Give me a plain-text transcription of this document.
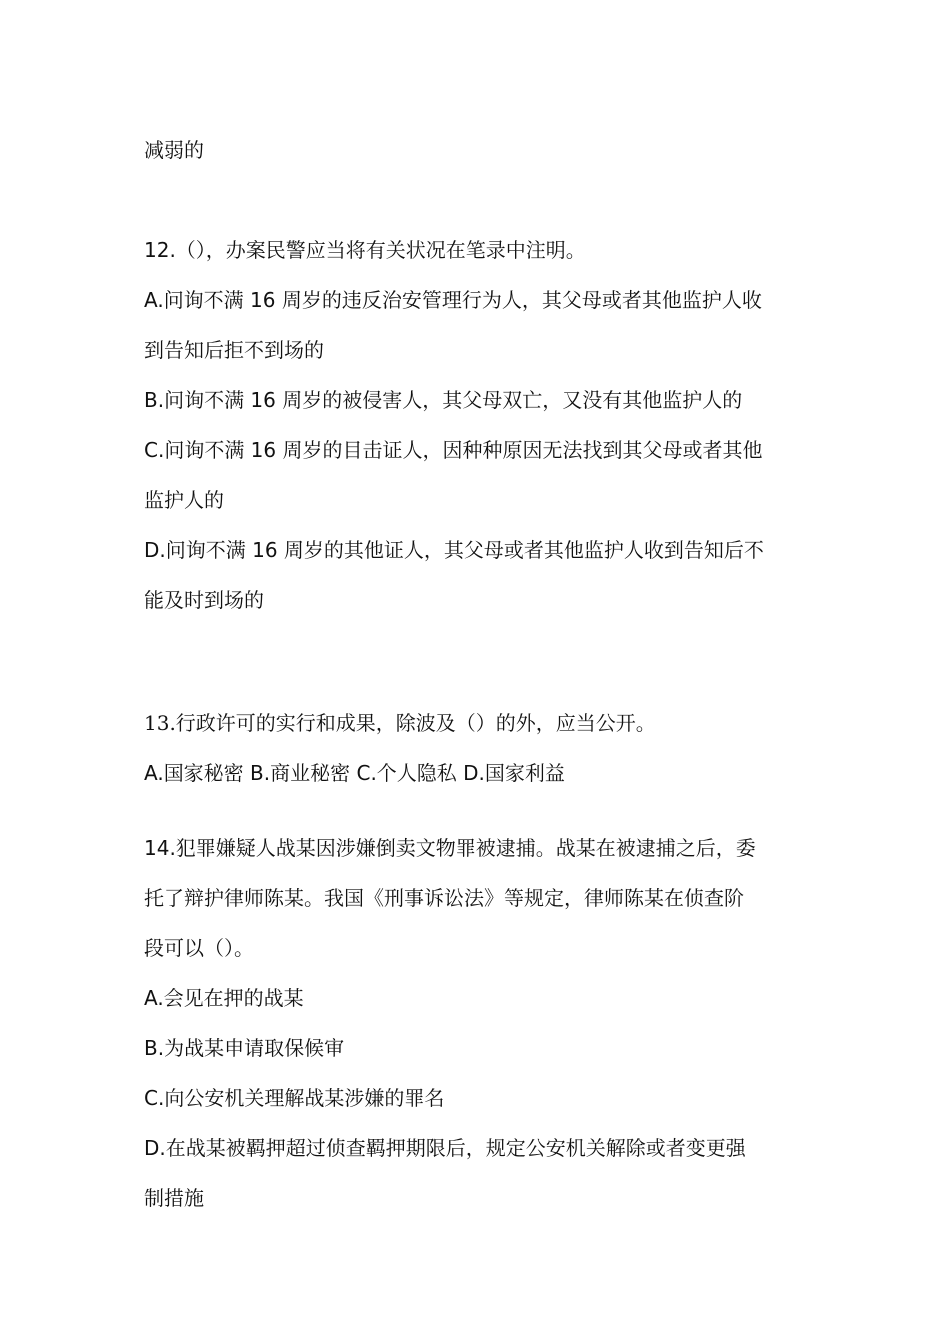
减弱的
12.（），办案民警应当将有关状况在笔录中注明。
A.问询不满 16 周岁的违反治安管理行为人，其父母或者其他监护人收
到告知后拒不到场的
B.问询不满 16 周岁的被侵害人，其父母双亡，又没有其他监护人的
C.问询不满 16 周岁的目击证人，因种种原因无法找到其父母或者其他
监护人的
D.问询不满 16 周岁的其他证人，其父母或者其他监护人收到告知后不
能及时到场的
13.行政许可的实行和成果，除波及（）的外，应当公开。
A.国家秘密 B.商业秘密 C.个人隐私 D.国家利益
14.犯罪嫌疑人战某因涉嫌倒卖文物罪被逮捕。战某在被逮捕之后，委
托了辩护律师陈某。我国《刑事诉讼法》等规定，律师陈某在侦查阶
段可以（）。
A.会见在押的战某
B.为战某申请取保候审
C.向公安机关理解战某涉嫌的罪名
D.在战某被羁押超过侦查羁押期限后，规定公安机关解除或者变更强
制措施
